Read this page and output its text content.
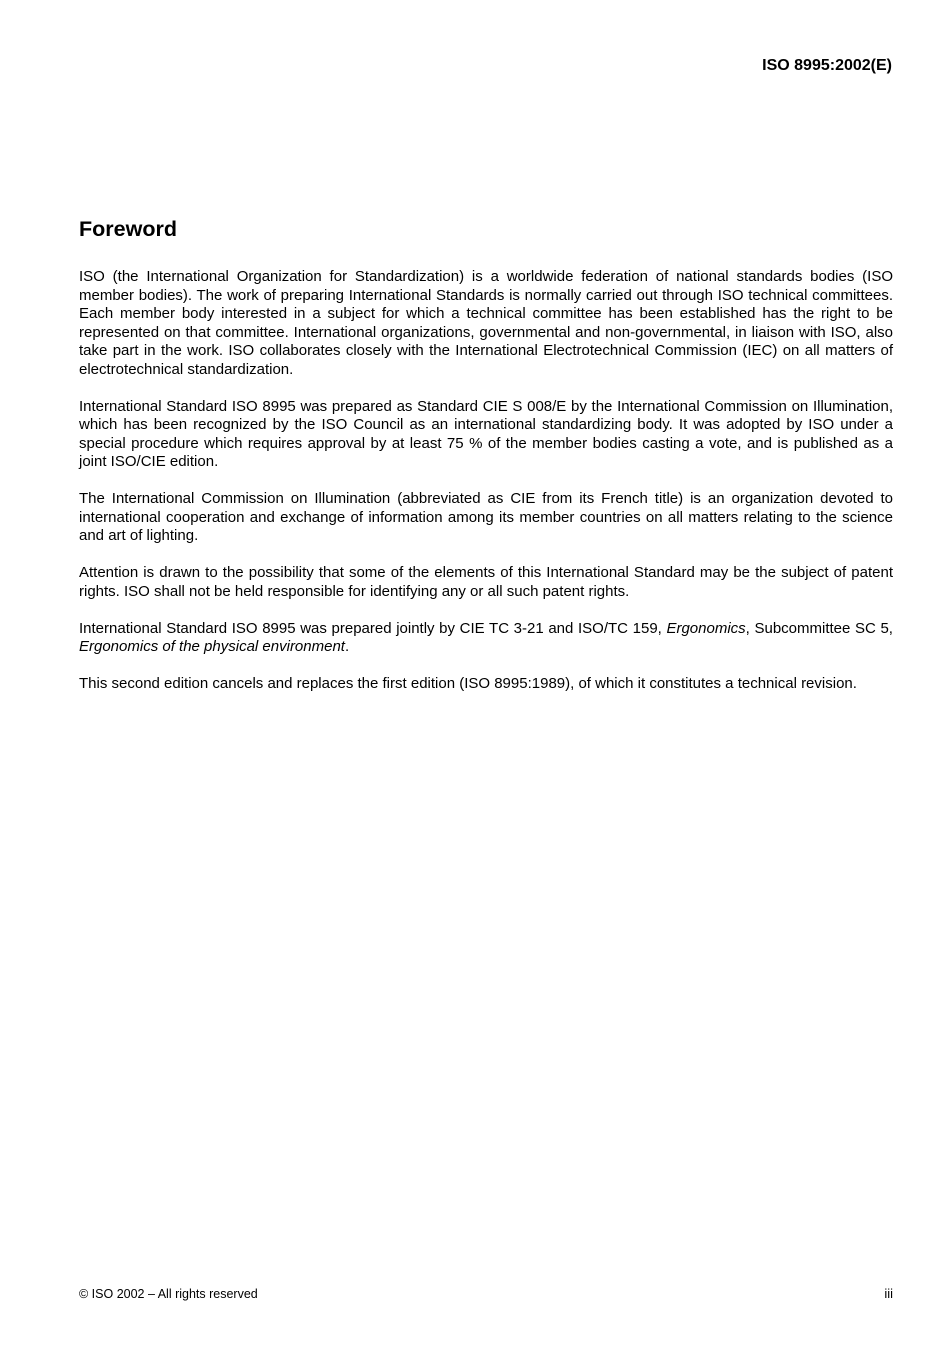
ISO 8995:2002(E)
Foreword

ISO (the International Organization for Standardization) is a worldwide federation of national standards bodies (ISO member bodies). The work of preparing International Standards is normally carried out through ISO technical committees. Each member body interested in a subject for which a technical committee has been established has the right to be represented on that committee. International organizations, governmental and non-governmental, in liaison with ISO, also take part in the work. ISO collaborates closely with the International Electrotechnical Commission (IEC) on all matters of electrotechnical standardization.

International Standard ISO 8995 was prepared as Standard CIE S 008/E by the International Commission on Illumination, which has been recognized by the ISO Council as an international standardizing body. It was adopted by ISO under a special procedure which requires approval by at least 75 % of the member bodies casting a vote, and is published as a joint ISO/CIE edition.

The International Commission on Illumination (abbreviated as CIE from its French title) is an organization devoted to international cooperation and exchange of information among its member countries on all matters relating to the science and art of lighting.

Attention is drawn to the possibility that some of the elements of this International Standard may be the subject of patent rights. ISO shall not be held responsible for identifying any or all such patent rights.

International Standard ISO 8995 was prepared jointly by CIE TC 3-21 and ISO/TC 159, Ergonomics, Subcommittee SC 5, Ergonomics of the physical environment.

This second edition cancels and replaces the first edition (ISO 8995:1989), of which it constitutes a technical revision.

© ISO 2002 – All rights reserved	iii
